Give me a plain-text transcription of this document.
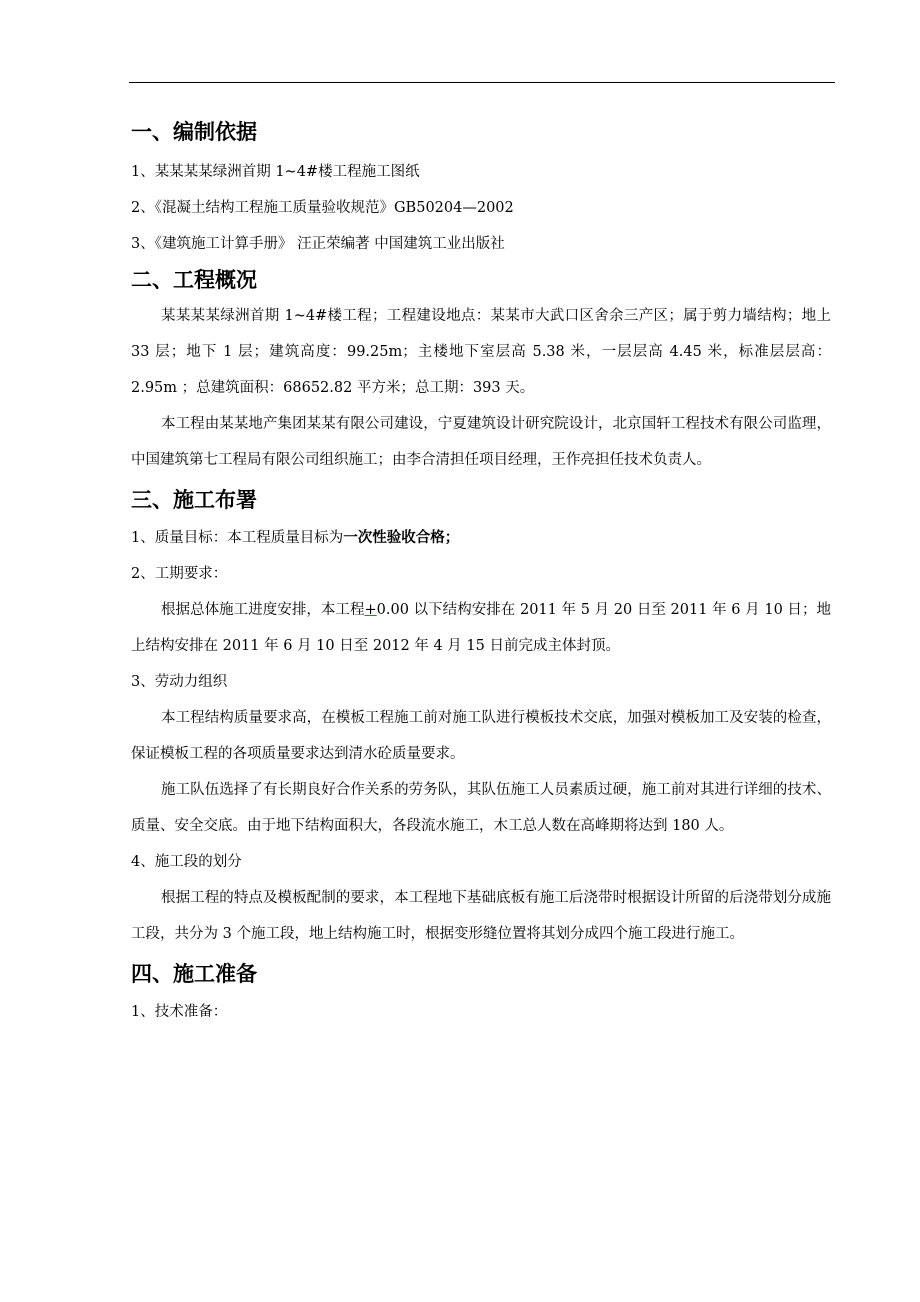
一、编制依据

1、某某某某绿洲首期 1~4#楼工程施工图纸

2、《混凝土结构工程施工质量验收规范》GB50204—2002

3、《建筑施工计算手册》 汪正荣编著 中国建筑工业出版社

二、工程概况

某某某某绿洲首期 1~4#楼工程；工程建设地点：某某市大武口区舍余三产区；属于剪力墙结构；地上 33 层；地下 1 层；建筑高度：99.25m；主楼地下室层高 5.38 米，一层层高 4.45 米，标准层层高：2.95m ；总建筑面积：68652.82 平方米；总工期：393 天。

本工程由某某地产集团某某有限公司建设，宁夏建筑设计研究院设计，北京国轩工程技术有限公司监理，中国建筑第七工程局有限公司组织施工；由李合清担任项目经理，王作亮担任技术负责人。

三、施工布署

1、质量目标：本工程质量目标为一次性验收合格；

2、工期要求：

根据总体施工进度安排，本工程+0.00 以下结构安排在 2011 年 5 月 20 日至 2011 年 6 月 10 日；地上结构安排在 2011 年 6 月 10 日至 2012 年 4 月 15 日前完成主体封顶。

3、劳动力组织

本工程结构质量要求高，在模板工程施工前对施工队进行模板技术交底，加强对模板加工及安装的检查，保证模板工程的各项质量要求达到清水砼质量要求。

施工队伍选择了有长期良好合作关系的劳务队，其队伍施工人员素质过硬，施工前对其进行详细的技术、质量、安全交底。由于地下结构面积大，各段流水施工，木工总人数在高峰期将达到 180 人。

4、施工段的划分

根据工程的特点及模板配制的要求，本工程地下基础底板有施工后浇带时根据设计所留的后浇带划分成施工段，共分为 3 个施工段，地上结构施工时，根据变形缝位置将其划分成四个施工段进行施工。

四、施工准备

1、技术准备：
